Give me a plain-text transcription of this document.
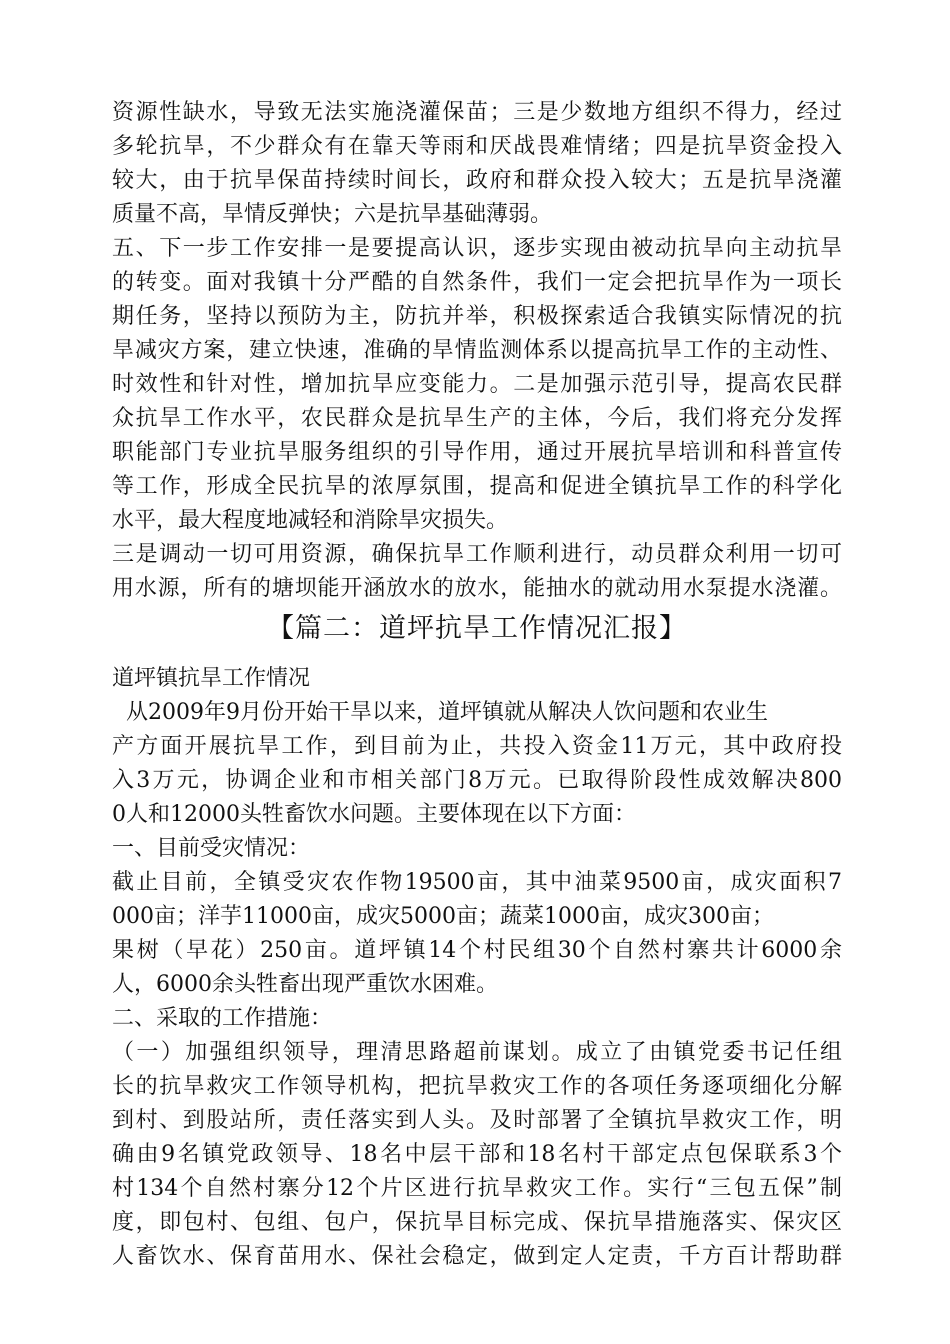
资源性缺水，导致无法实施浇灌保苗；三是少数地方组织不得力，经过
多轮抗旱，不少群众有在靠天等雨和厌战畏难情绪；四是抗旱资金投入
较大，由于抗旱保苗持续时间长，政府和群众投入较大；五是抗旱浇灌
质量不高，旱情反弹快；六是抗旱基础薄弱。
五、下一步工作安排一是要提高认识，逐步实现由被动抗旱向主动抗旱
的转变。面对我镇十分严酷的自然条件，我们一定会把抗旱作为一项长
期任务，坚持以预防为主，防抗并举，积极探索适合我镇实际情况的抗
旱减灾方案，建立快速，准确的旱情监测体系以提高抗旱工作的主动性、
时效性和针对性，增加抗旱应变能力。二是加强示范引导，提高农民群
众抗旱工作水平，农民群众是抗旱生产的主体，今后，我们将充分发挥
职能部门专业抗旱服务组织的引导作用，通过开展抗旱培训和科普宣传
等工作，形成全民抗旱的浓厚氛围，提高和促进全镇抗旱工作的科学化
水平，最大程度地减轻和消除旱灾损失。
三是调动一切可用资源，确保抗旱工作顺利进行，动员群众利用一切可
用水源，所有的塘坝能开涵放水的放水，能抽水的就动用水泵提水浇灌。
【篇二：道坪抗旱工作情况汇报】
道坪镇抗旱工作情况
从2009年9月份开始干旱以来，道坪镇就从解决人饮问题和农业生
产方面开展抗旱工作，到目前为止，共投入资金11万元，其中政府投
入3万元，协调企业和市相关部门8万元。已取得阶段性成效解决800
0人和12000头牲畜饮水问题。主要体现在以下方面：
一、目前受灾情况：
截止目前，全镇受灾农作物19500亩，其中油菜9500亩，成灾面积7
000亩；洋芋11000亩，成灾5000亩；蔬菜1000亩，成灾300亩；
果树（早花）250亩。道坪镇14个村民组30个自然村寨共计6000余
人，6000余头牲畜出现严重饮水困难。
二、采取的工作措施：
（一）加强组织领导，理清思路超前谋划。成立了由镇党委书记任组
长的抗旱救灾工作领导机构，把抗旱救灾工作的各项任务逐项细化分解
到村、到股站所，责任落实到人头。及时部署了全镇抗旱救灾工作，明
确由9名镇党政领导、18名中层干部和18名村干部定点包保联系3个
村134个自然村寨分12个片区进行抗旱救灾工作。实行“三包五保”制
度，即包村、包组、包户，保抗旱目标完成、保抗旱措施落实、保灾区
人畜饮水、保育苗用水、保社会稳定，做到定人定责，千方百计帮助群
